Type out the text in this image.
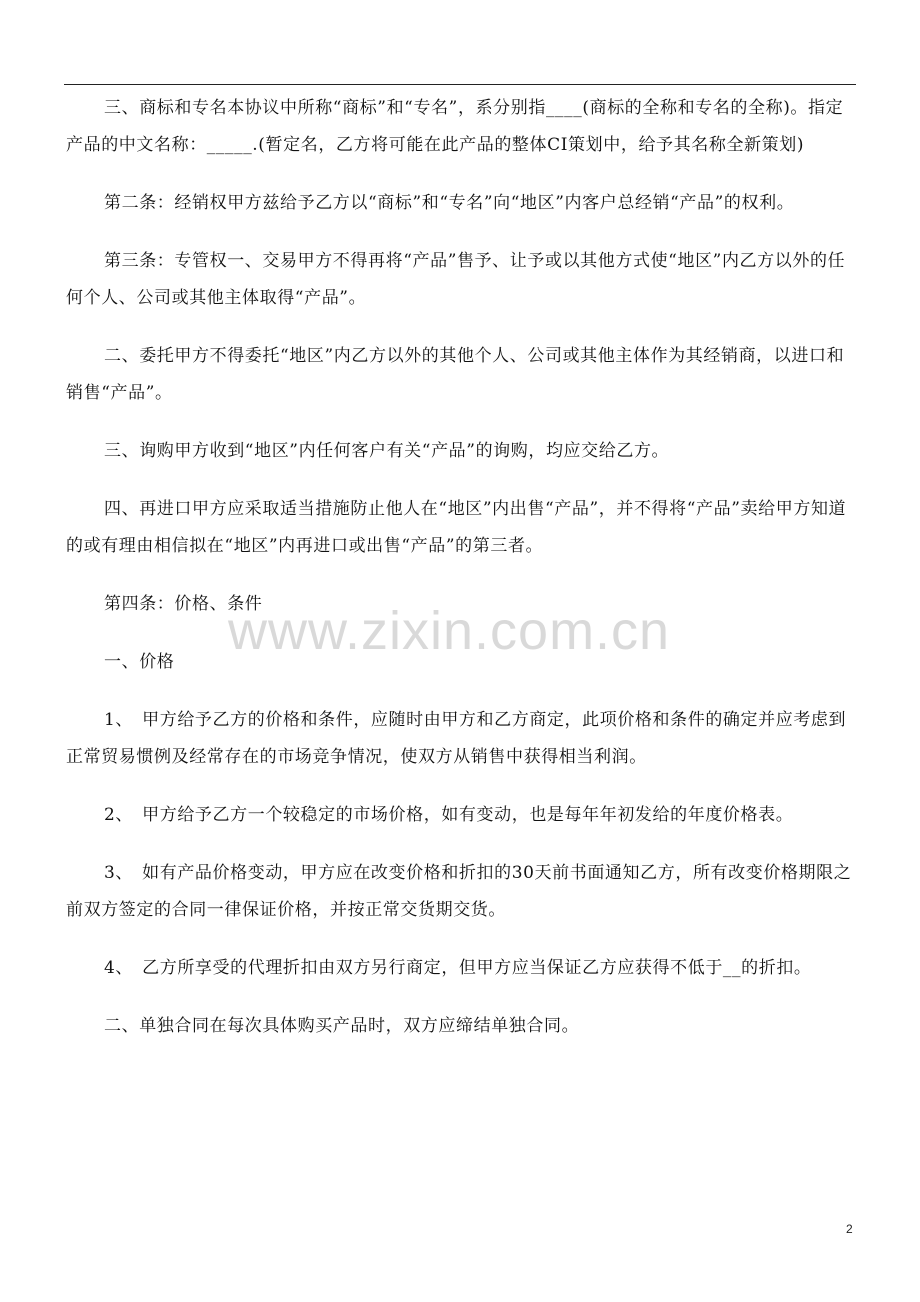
三、商标和专名本协议中所称“商标”和“专名”，系分别指____(商标的全称和专名的全称)。指定产品的中文名称：_____.(暂定名，乙方将可能在此产品的整体CI策划中，给予其名称全新策划)

第二条：经销权甲方兹给予乙方以“商标”和“专名”向“地区”内客户总经销“产品”的权利。

第三条：专管权一、交易甲方不得再将“产品”售予、让予或以其他方式使“地区”内乙方以外的任何个人、公司或其他主体取得“产品”。

二、委托甲方不得委托“地区”内乙方以外的其他个人、公司或其他主体作为其经销商，以进口和销售“产品”。

三、询购甲方收到“地区”内任何客户有关“产品”的询购，均应交给乙方。

四、再进口甲方应采取适当措施防止他人在“地区”内出售“产品”，并不得将“产品”卖给甲方知道的或有理由相信拟在“地区”内再进口或出售“产品”的第三者。

第四条：价格、条件

一、价格

1、　甲方给予乙方的价格和条件，应随时由甲方和乙方商定，此项价格和条件的确定并应考虑到正常贸易惯例及经常存在的市场竞争情况，使双方从销售中获得相当利润。

2、　甲方给予乙方一个较稳定的市场价格，如有变动，也是每年年初发给的年度价格表。

3、　如有产品价格变动，甲方应在改变价格和折扣的30天前书面通知乙方，所有改变价格期限之前双方签定的合同一律保证价格，并按正常交货期交货。

4、　乙方所享受的代理折扣由双方另行商定，但甲方应当保证乙方应获得不低于__的折扣。

二、单独合同在每次具体购买产品时，双方应缔结单独合同。

www.zixin.com.cn
2
